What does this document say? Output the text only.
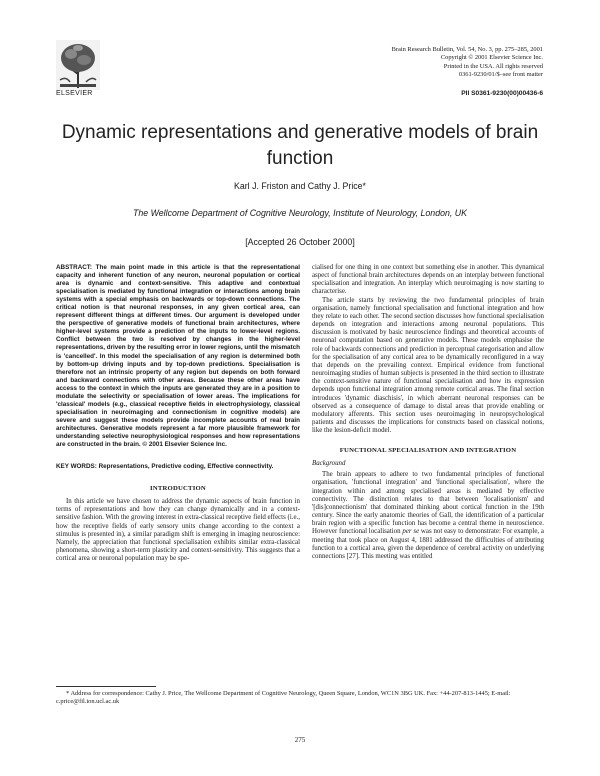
ELSEVIER
Brain Research Bulletin, Vol. 54, No. 3, pp. 275–285, 2001
Copyright © 2001 Elsevier Science Inc.
Printed in the USA. All rights reserved
0361-9230/01/$–see front matter
PII S0361-9230(00)00436-6
Dynamic representations and generative models of brain function
Karl J. Friston and Cathy J. Price*
The Wellcome Department of Cognitive Neurology, Institute of Neurology, London, UK
[Accepted 26 October 2000]

ABSTRACT: The main point made in this article is that the representational capacity and inherent function of any neuron, neuronal population or cortical area is dynamic and context-sensitive. This adaptive and contextual specialisation is mediated by functional integration or interactions among brain systems with a special emphasis on backwards or top-down connections. The critical notion is that neuronal responses, in any given cortical area, can represent different things at different times. Our argument is developed under the perspective of generative models of functional brain architectures, where higher-level systems provide a prediction of the inputs to lower-level regions. Conflict between the two is resolved by changes in the higher-level representations, driven by the resulting error in lower regions, until the mismatch is 'cancelled'. In this model the specialisation of any region is determined both by bottom-up driving inputs and by top-down predictions. Specialisation is therefore not an intrinsic property of any region but depends on both forward and backward connections with other areas. Because these other areas have access to the context in which the inputs are generated they are in a position to modulate the selectivity or specialisation of lower areas. The implications for 'classical' models (e.g., classical receptive fields in electrophysiology, classical specialisation in neuroimaging and connectionism in cognitive models) are severe and suggest these models provide incomplete accounts of real brain architectures. Generative models represent a far more plausible framework for understanding selective neurophysiological responses and how representations are constructed in the brain. © 2001 Elsevier Science Inc.

KEY WORDS: Representations, Predictive coding, Effective connectivity.
INTRODUCTION

In this article we have chosen to address the dynamic aspects of brain function in terms of representations and how they can change dynamically and in a context-sensitive fashion. With the growing interest in extra-classical receptive field effects (i.e., how the receptive fields of early sensory units change according to the context a stimulus is presented in), a similar paradigm shift is emerging in imaging neuroscience: Namely, the appreciation that functional specialisation exhibits similar extra-classical phenomena, showing a short-term plasticity and context-sensitivity. This suggests that a cortical area or neuronal population may be spe-

cialised for one thing in one context but something else in another. This dynamical aspect of functional brain architectures depends on an interplay between functional specialisation and integration. An interplay which neuroimaging is now starting to characterise.

The article starts by reviewing the two fundamental principles of brain organisation, namely functional specialisation and functional integration and how they relate to each other. The second section discusses how functional specialisation depends on integration and interactions among neuronal populations. This discussion is motivated by basic neuroscience findings and theoretical accounts of neuronal computation based on generative models. These models emphasise the role of backwards connections and prediction in perceptual categorisation and allow for the specialisation of any cortical area to be dynamically reconfigured in a way that depends on the prevailing context. Empirical evidence from functional neuroimaging studies of human subjects is presented in the third section to illustrate the context-sensitive nature of functional specialisation and how its expression depends upon functional integration among remote cortical areas. The final section introduces 'dynamic diaschisis', in which aberrant neuronal responses can be observed as a consequence of damage to distal areas that provide enabling or modulatory afferents. This section uses neuroimaging in neuropsychological patients and discusses the implications for constructs based on classical notions, like the lesion-deficit model.

FUNCTIONAL SPECIALISATION AND INTEGRATION
Background

The brain appears to adhere to two fundamental principles of functional organisation, 'functional integration' and 'functional specialisation', where the integration within and among specialised areas is mediated by effective connectivity. The distinction relates to that between 'localisationism' and '[dis]connectionism' that dominated thinking about cortical function in the 19th century. Since the early anatomic theories of Gall, the identification of a particular brain region with a specific function has become a central theme in neuroscience. However functional localisation per se was not easy to demonstrate: For example, a meeting that took place on August 4, 1881 addressed the difficulties of attributing function to a cortical area, given the dependence of cerebral activity on underlying connections [27]. This meeting was entitled

* Address for correspondence: Cathy J. Price, The Wellcome Department of Cognitive Neurology, Queen Square, London, WC1N 3BG UK. Fax: +44-207-813-1445; E-mail: c.price@fil.ion.ucl.ac.uk
275
